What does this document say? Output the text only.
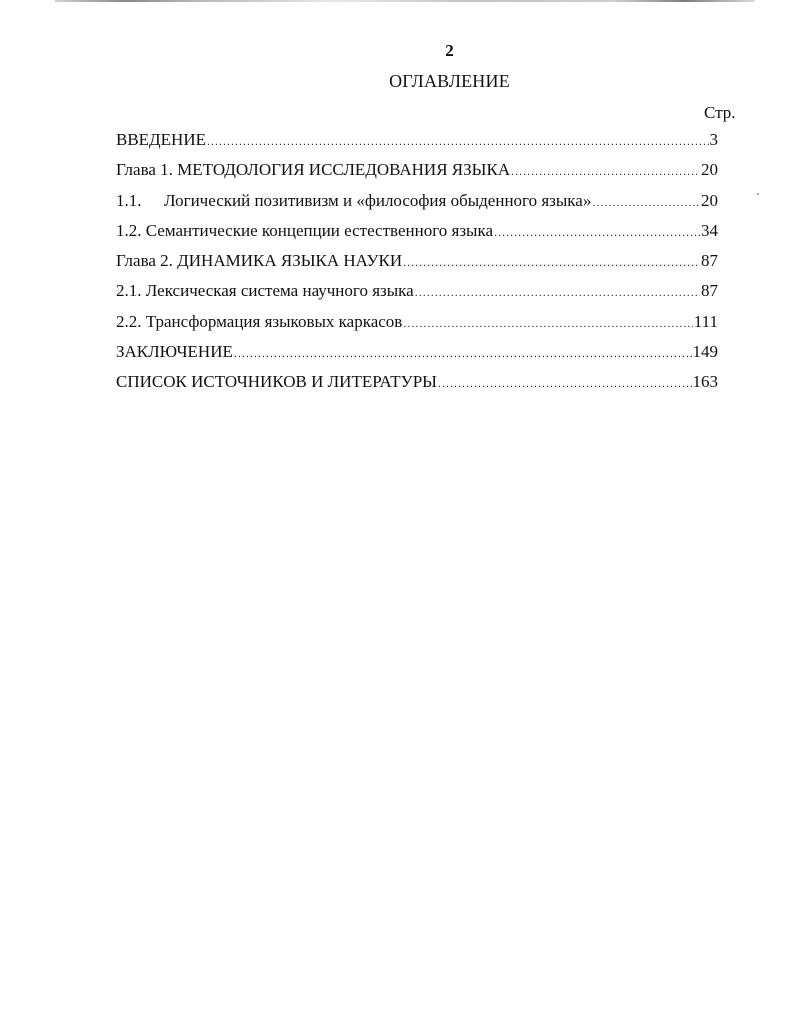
2
ОГЛАВЛЕНИЕ
Стр.
ВВЕДЕНИЕ .....	3
Глава 1. МЕТОДОЛОГИЯ ИССЛЕДОВАНИЯ ЯЗЫКА .....	20
1.1. Логический позитивизм и «философия обыденного языка» .....	20
1.2. Семантические концепции естественного языка .....	34
Глава 2. ДИНАМИКА ЯЗЫКА НАУКИ .....	87
2.1. Лексическая система научного языка .....	87
2.2. Трансформация языковых каркасов .....	111
ЗАКЛЮЧЕНИЕ .....	149
СПИСОК ИСТОЧНИКОВ И ЛИТЕРАТУРЫ .....	163
